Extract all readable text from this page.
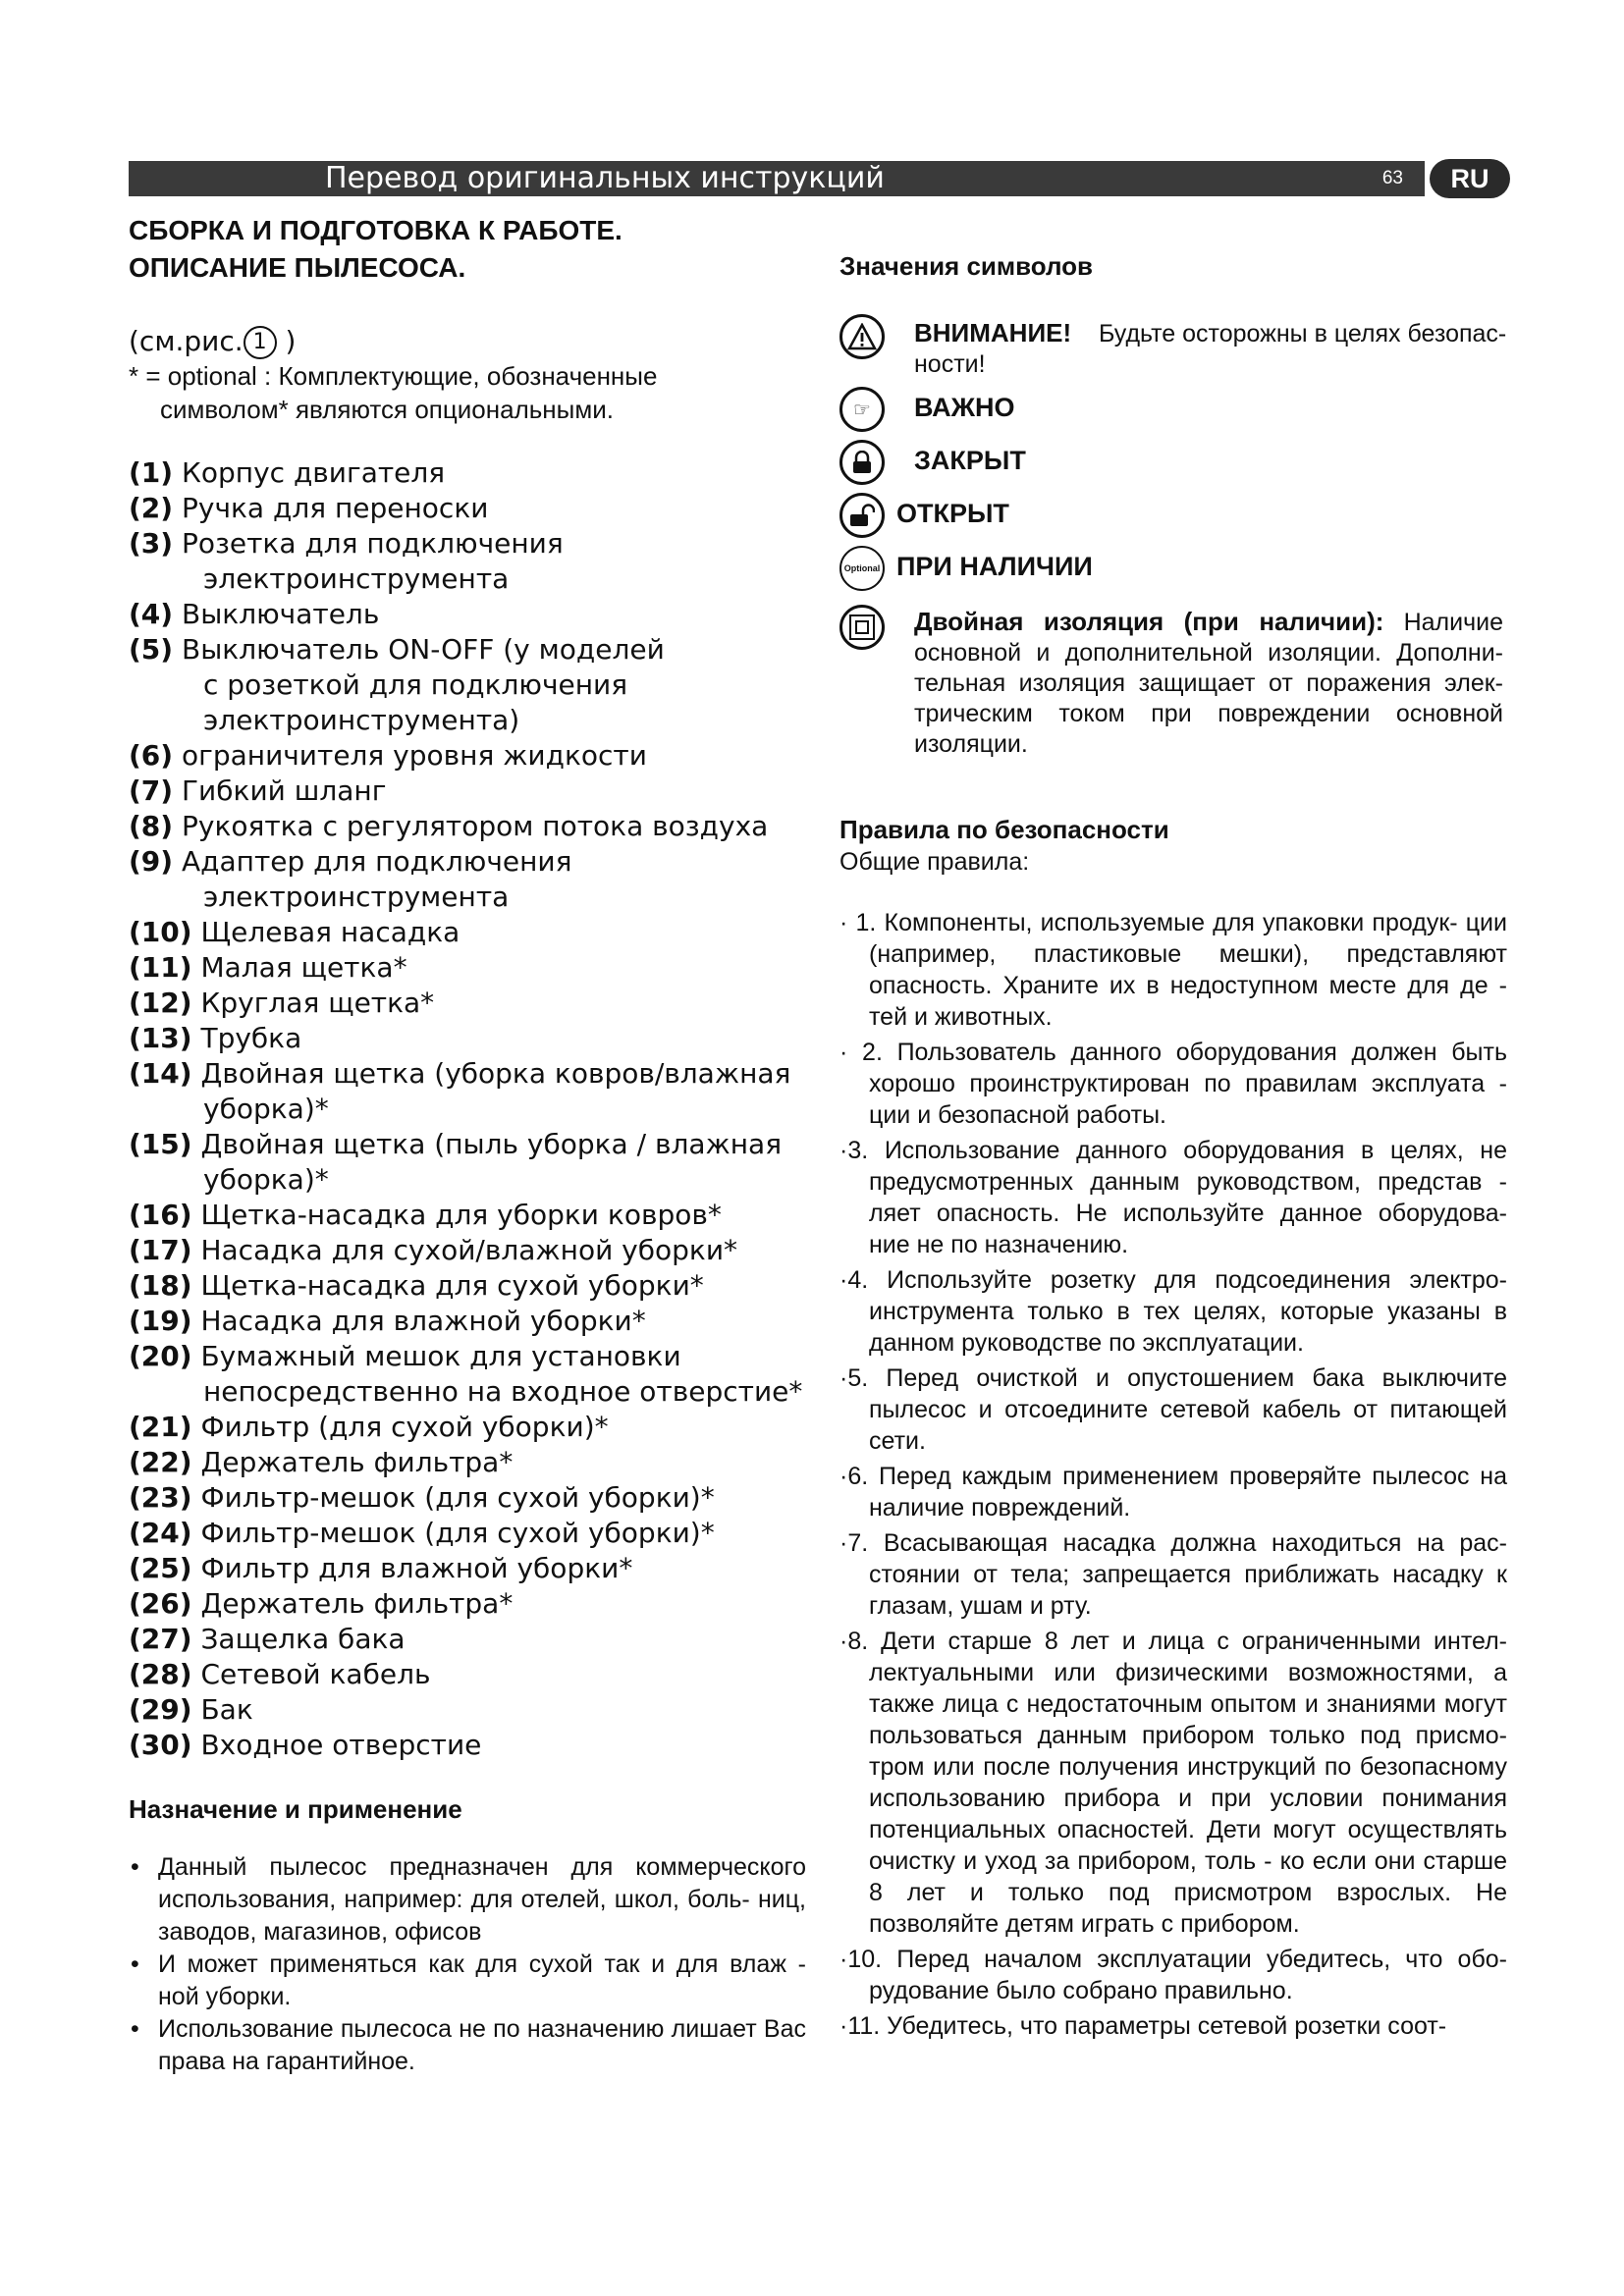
Перевод оригинальных инструкций	63	RU
СБОРКА И ПОДГОТОВКА К РАБОТЕ.
ОПИСАНИЕ ПЫЛЕСОСА.
(см.рис. 1 )
* = optional : Комплектующие, обозначенные
символом* являются опциональными.
(1) Корпус двигателя
(2) Ручка для переноски
(3) Розетка для подключения
электроинструмента
(4) Выключатель
(5) Выключатель ON-OFF (у моделей
с розеткой для подключения
электроинструмента)
(6) ограничителя уровня жидкости
(7) Гибкий шланг
(8) Рукоятка с регулятором потока воздуха
(9) Адаптер для подключения
электроинструмента
(10) Щелевая насадка
(11) Малая щетка*
(12) Круглая щетка*
(13) Трубка
(14) Двойная щетка (уборка ковров/влажная
уборка)*
(15) Двойная щетка (пыль уборка / влажная
уборка)*
(16) Щетка-насадка для уборки ковров*
(17) Насадка для сухой/влажной уборки*
(18) Щетка-насадка для сухой уборки*
(19) Насадка для влажной уборки*
(20) Бумажный мешок для установки
непосредственно на входное отверстие*
(21) Фильтр (для сухой уборки)*
(22) Держатель фильтра*
(23) Фильтр-мешок (для сухой уборки)*
(24) Фильтр-мешок (для сухой уборки)*
(25) Фильтр для влажной уборки*
(26) Держатель фильтра*
(27) Защелка бака
(28) Сетевой кабель
(29) Бак
(30) Входное отверстие
Назначение и применение
• Данный пылесос предназначен для коммерческого использования, например: для отелей, школ, боль- ниц, заводов, магазинов, офисов
• И может применяться как для сухой так и для влаж - ной уборки.
• Использование пылесоса не по назначению лишает Вас права на гарантийное.
Значения символов
ВНИМАНИЕ! Будьте осторожны в целях безопас- ности!
☞	ВАЖНО
ЗАКРЫТ
ОТКРЫТ
Optional ПРИ НАЛИЧИИ
Двойная изоляция (при наличии): Наличие основной и дополнительной изоляции. Дополни- тельная изоляция защищает от поражения элек- трическим током при повреждении основной изоляции.
Правила по безопасности
Общие правила:
· 1. Компоненты, используемые для упаковки продук- ции (например, пластиковые мешки), представляют опасность. Храните их в недоступном месте для де - тей и животных.
· 2. Пользователь данного оборудования должен быть хорошо проинструктирован по правилам эксплуата - ции и безопасной работы.
·3. Использование данного оборудования в целях, не предусмотренных данным руководством, представ - ляет опасность. Не используйте данное оборудова- ние не по назначению.
·4. Используйте розетку для подсоединения электро- инструмента только в тех целях, которые указаны в данном руководстве по эксплуатации.
·5. Перед очисткой и опустошением бака выключите пылесос и отсоедините сетевой кабель от питающей сети.
·6. Перед каждым применением проверяйте пылесос на наличие повреждений.
·7. Всасывающая насадка должна находиться на рас- стоянии от тела; запрещается приближать насадку к глазам, ушам и рту.
·8. Дети старше 8 лет и лица с ограниченными интел- лектуальными или физическими возможностями, а также лица с недостаточным опытом и знаниями могут пользоваться данным прибором только под присмо- тром или после получения инструкций по безопасному использованию прибора и при условии понимания потенциальных опасностей. Дети могут осуществлять очистку и уход за прибором, толь - ко если они старше 8 лет и только под присмотром взрослых. Не позволяйте детям играть с прибором.
·10. Перед началом эксплуатации убедитесь, что обо- рудование было собрано правильно.
·11. Убедитесь, что параметры сетевой розетки соот-
